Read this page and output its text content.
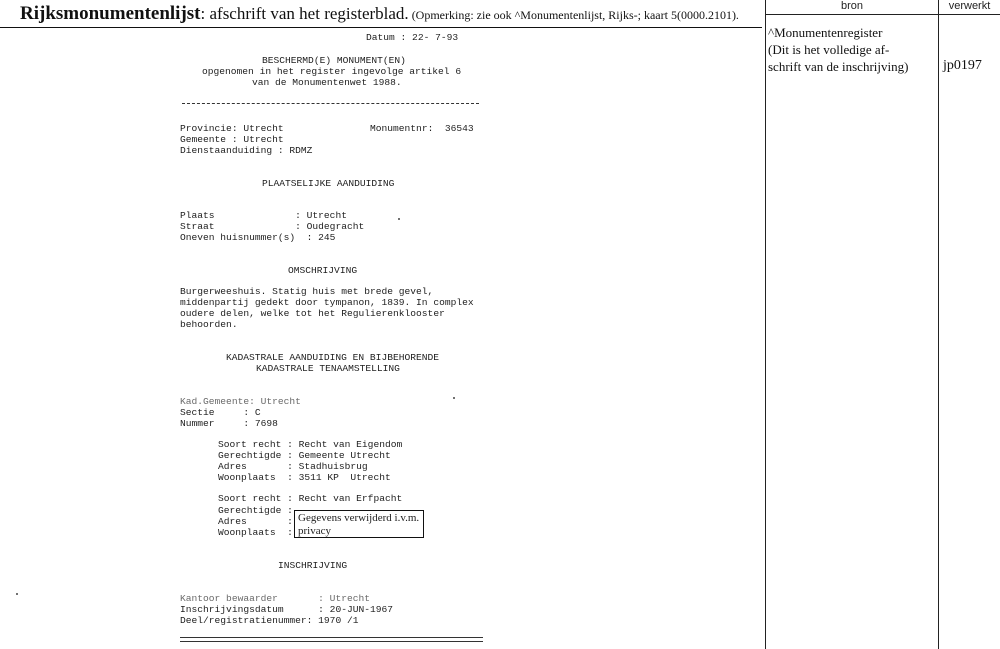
Rijksmonumentenlijst: afschrift van het registerblad. (Opmerking: zie ook ^Monumentenlijst, Rijks-; kaart 5(0000.2101).
bron	verwerkt
^Monumentenregister
(Dit is het volledige af-
schrift van de inschrijving)	jp0197
Datum : 22- 7-93
BESCHERMD(E) MONUMENT(EN)
opgenomen in het register ingevolge artikel 6
van de Monumentenwet 1988.
Provincie: Utrecht	Monumentnr:  36543
Gemeente : Utrecht
Dienstaanduiding : RDMZ
PLAATSELIJKE AANDUIDING
Plaats              : Utrecht
Straat              : Oudegracht
Oneven huisnummer(s)  : 245
OMSCHRIJVING
Burgerweeshuis. Statig huis met brede gevel,
middenpartij gedekt door tympanon, 1839. In complex
oudere delen, welke tot het Regulierenklooster
behoorden.
KADASTRALE AANDUIDING EN BIJBEHORENDE
KADASTRALE TENAAMSTELLING
Kad.Gemeente: Utrecht
Sectie     : C
Nummer     : 7698
Soort recht : Recht van Eigendom
Gerechtigde : Gemeente Utrecht
Adres       : Stadhuisbrug
Woonplaats  : 3511 KP  Utrecht
Soort recht : Recht van Erfpacht
Gerechtigde :
Adres       :
Woonplaats  :
Gegevens verwijderd i.v.m.
privacy
INSCHRIJVING
Kantoor bewaarder       : Utrecht
Inschrijvingsdatum      : 20-JUN-1967
Deel/registratienummer: 1970 /1
